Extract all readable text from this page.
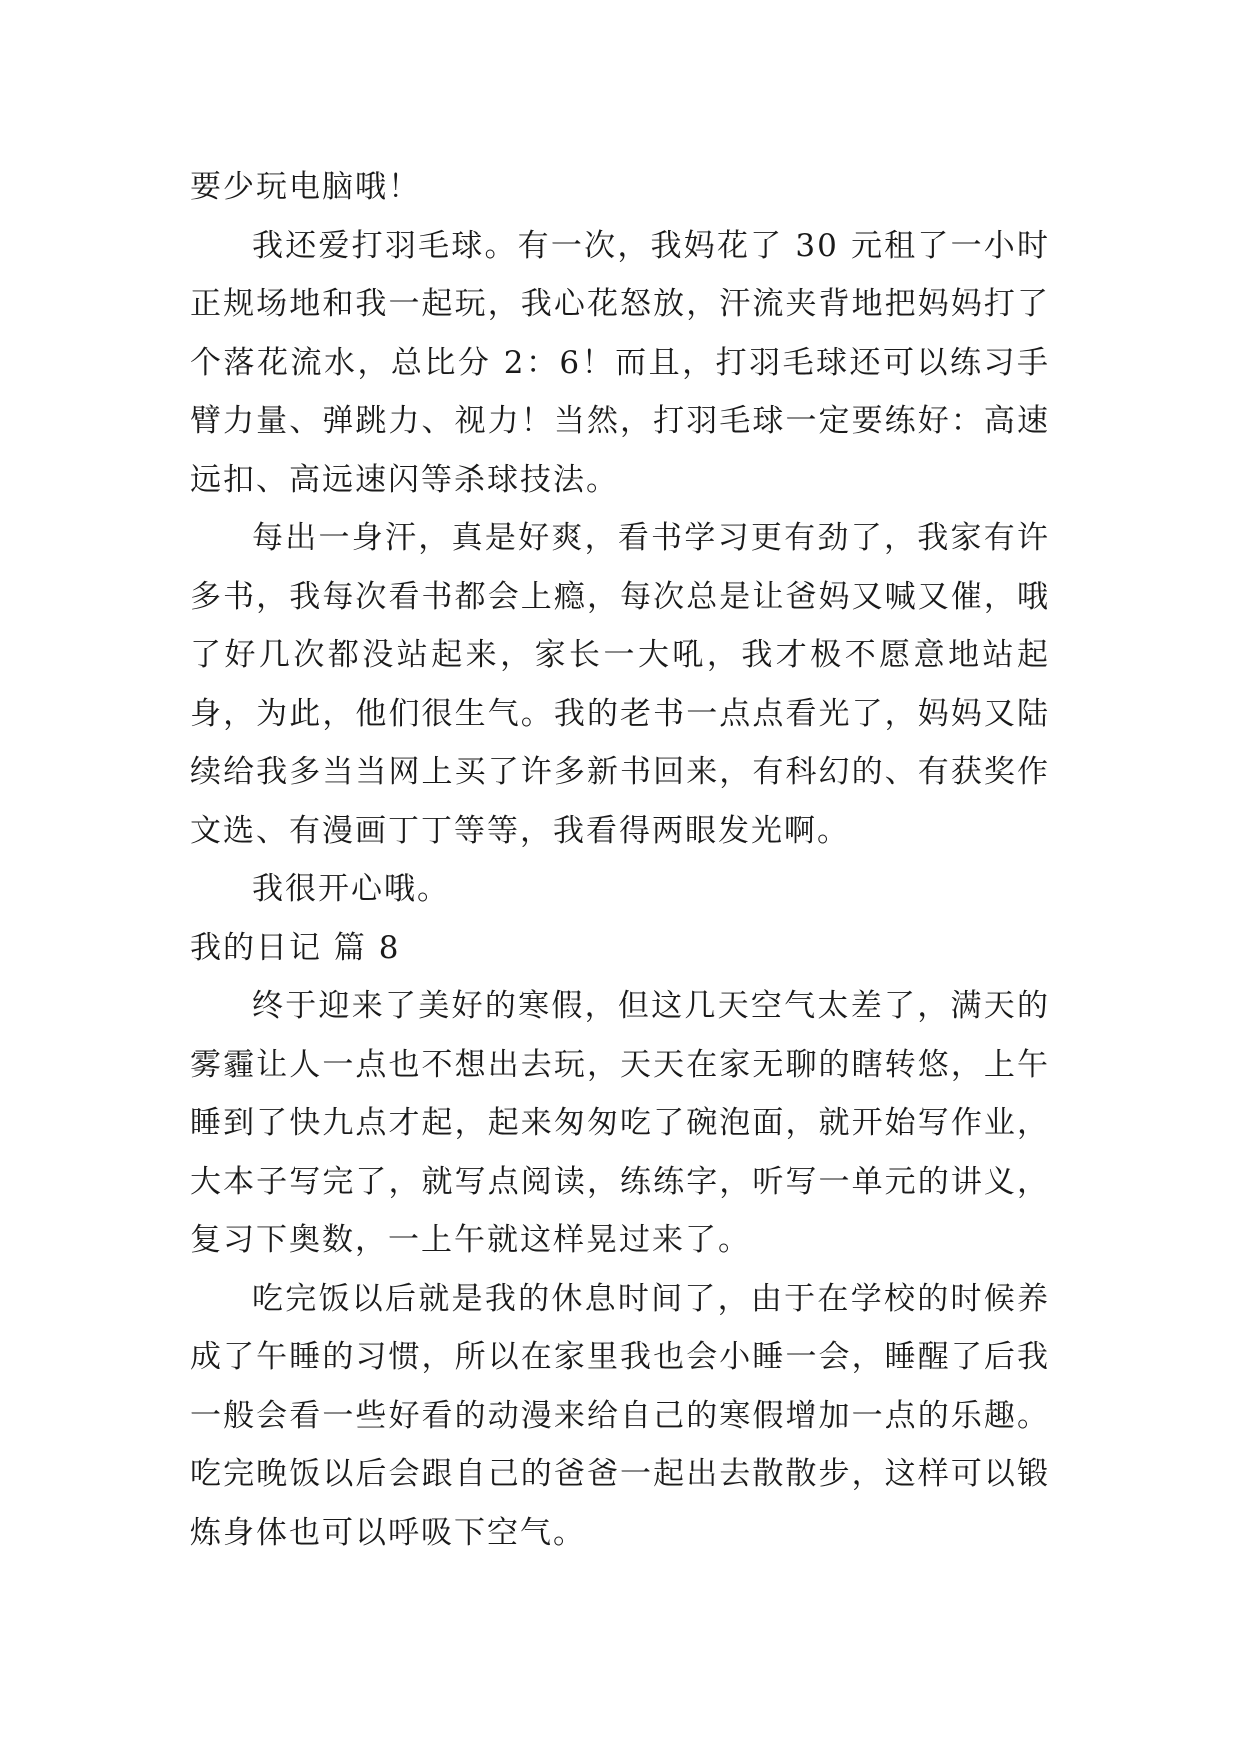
要少玩电脑哦！

我还爱打羽毛球。有一次，我妈花了 30 元租了一小时正规场地和我一起玩，我心花怒放，汗流夹背地把妈妈打了个落花流水，总比分 2：6！而且，打羽毛球还可以练习手臂力量、弹跳力、视力！当然，打羽毛球一定要练好：高速远扣、高远速闪等杀球技法。

每出一身汗，真是好爽，看书学习更有劲了，我家有许多书，我每次看书都会上瘾，每次总是让爸妈又喊又催，哦了好几次都没站起来，家长一大吼，我才极不愿意地站起身，为此，他们很生气。我的老书一点点看光了，妈妈又陆续给我多当当网上买了许多新书回来，有科幻的、有获奖作文选、有漫画丁丁等等，我看得两眼发光啊。

我很开心哦。

我的日记 篇 8

终于迎来了美好的寒假，但这几天空气太差了，满天的雾霾让人一点也不想出去玩，天天在家无聊的瞎转悠，上午睡到了快九点才起，起来匆匆吃了碗泡面，就开始写作业，大本子写完了，就写点阅读，练练字，听写一单元的讲义，复习下奥数，一上午就这样晃过来了。

吃完饭以后就是我的休息时间了，由于在学校的时候养成了午睡的习惯，所以在家里我也会小睡一会，睡醒了后我一般会看一些好看的动漫来给自己的寒假增加一点的乐趣。吃完晚饭以后会跟自己的爸爸一起出去散散步，这样可以锻炼身体也可以呼吸下空气。
